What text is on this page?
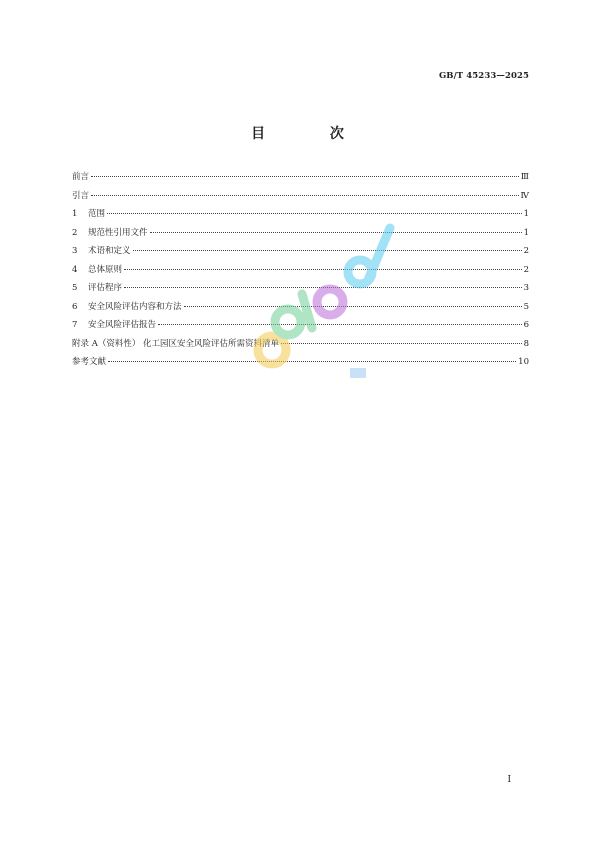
GB/T 45233—2025
目 次
前言	Ⅲ
引言	Ⅳ
1	范围	1
2	规范性引用文件	1
3	术语和定义	2
4	总体原则	2
5	评估程序	3
6	安全风险评估内容和方法	5
7	安全风险评估报告	6
附录 A（资料性） 化工园区安全风险评估所需资料清单	8
参考文献	10
I
